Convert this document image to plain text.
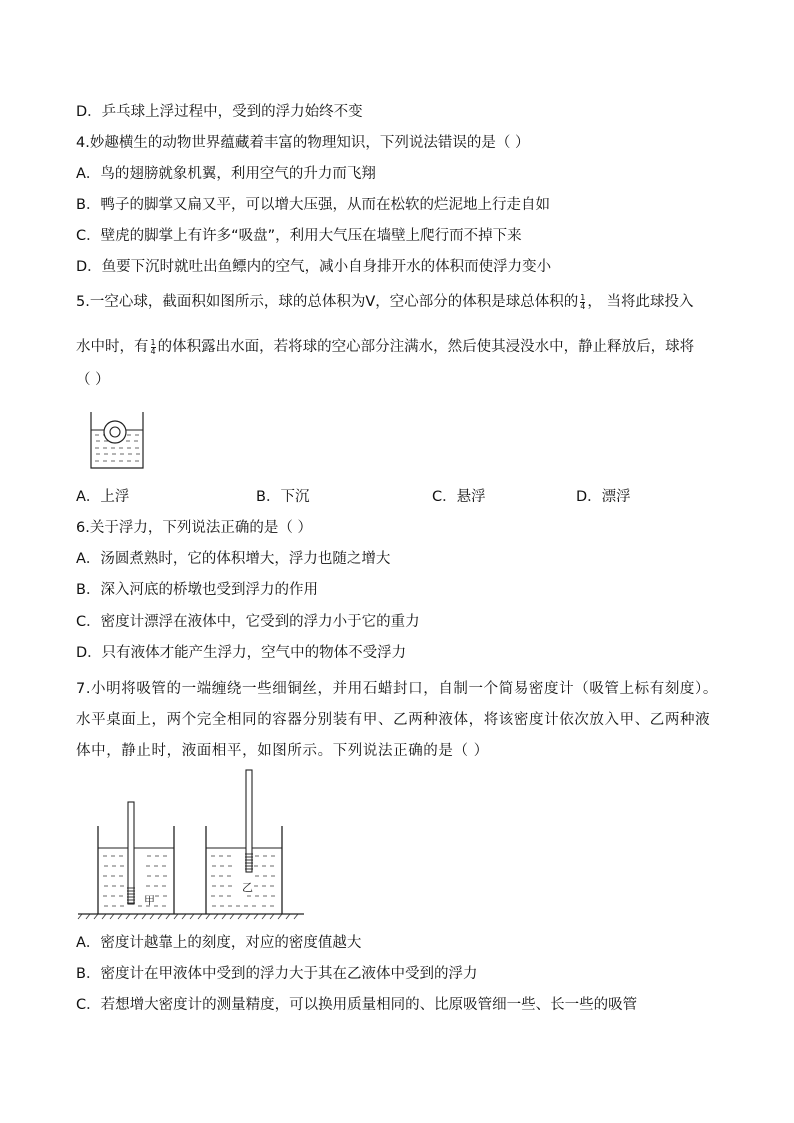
D．乒乓球上浮过程中，受到的浮力始终不变
4.妙趣横生的动物世界蕴藏着丰富的物理知识，下列说法错误的是（ ）
A．鸟的翅膀就象机翼，利用空气的升力而飞翔
B．鸭子的脚掌又扁又平，可以增大压强，从而在松软的烂泥地上行走自如
C．壁虎的脚掌上有许多“吸盘”，利用大气压在墙壁上爬行而不掉下来
D．鱼要下沉时就吐出鱼鳔内的空气，减小自身排开水的体积而使浮力变小
5.一空心球，截面积如图所示，球的总体积为V，空心部分的体积是球总体积的 $\frac{1}{4}$ ， 当将此球投入
水中时，有 $\frac{1}{4}$ 的体积露出水面，若将球的空心部分注满水，然后使其浸没水中，静止释放后，球将
（ ）
A．上浮	B．下沉	C．悬浮	D．漂浮
6.关于浮力，下列说法正确的是（ ）
A．汤圆煮熟时，它的体积增大，浮力也随之增大
B．深入河底的桥墩也受到浮力的作用
C．密度计漂浮在液体中，它受到的浮力小于它的重力
D．只有液体才能产生浮力，空气中的物体不受浮力
7.小明将吸管的一端缠绕一些细铜丝，并用石蜡封口，自制一个简易密度计（吸管上标有刻度）。水平桌面上，两个完全相同的容器分别装有甲、乙两种液体，将该密度计依次放入甲、乙两种液体中，静止时，液面相平，如图所示。下列说法正确的是（ ）
甲
乙
A．密度计越靠上的刻度，对应的密度值越大
B．密度计在甲液体中受到的浮力大于其在乙液体中受到的浮力
C．若想增大密度计的测量精度，可以换用质量相同的、比原吸管细一些、长一些的吸管
